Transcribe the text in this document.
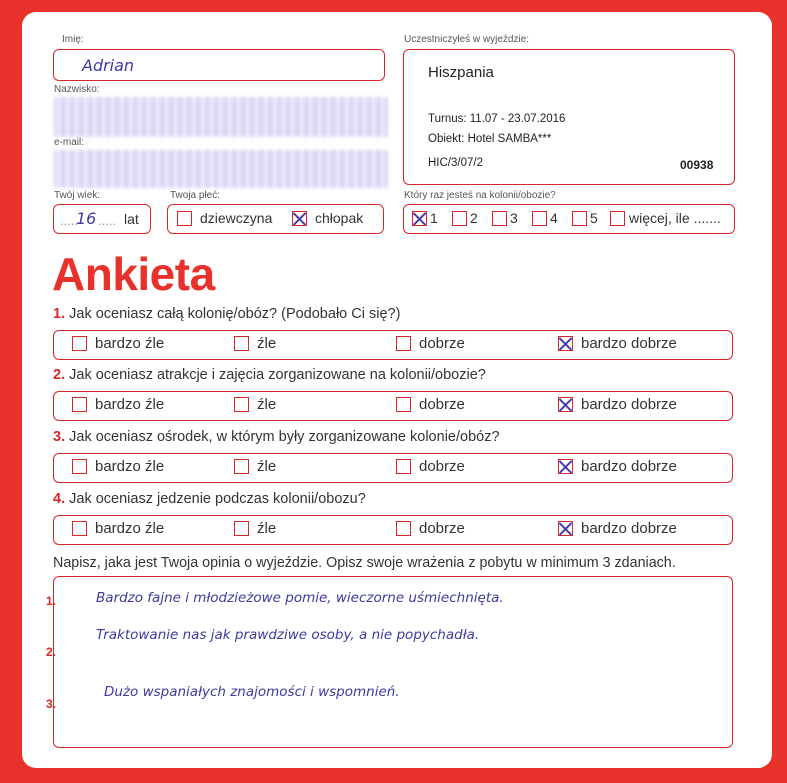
Imię:
Adrian
Nazwisko:
e-mail:
Twój wiek:
.....
16 ..... lat
Twoja płeć:
dziewczyna	chłopak
Uczestniczyłeś w wyjeździe:
Hiszpania
Turnus: 11.07 - 23.07.2016
Obiekt: Hotel SAMBA***
HIC/3/07/2	00938
Który raz jesteś na kolonii/obozie?
1 2 3 4 5 więcej, ile .......
Ankieta
1. Jak oceniasz całą kolonię/obóz? (Podobało Ci się?)
bardzo źle	źle	dobrze	bardzo dobrze
2. Jak oceniasz atrakcje i zajęcia zorganizowane na kolonii/obozie?
bardzo źle	źle	dobrze	bardzo dobrze
3. Jak oceniasz ośrodek, w którym były zorganizowane kolonie/obóz?
bardzo źle	źle	dobrze	bardzo dobrze
4. Jak oceniasz jedzenie podczas kolonii/obozu?
bardzo źle	źle	dobrze	bardzo dobrze
Napisz, jaka jest Twoja opinia o wyjeździe. Opisz swoje wrażenia z pobytu w minimum 3 zdaniach.
1.	Bardzo fajne i młodzieżowe pomie, wieczorne uśmiechnięta.
2.
Traktowanie nas jak prawdziwe osoby, a nie popychadła.
3.
Dużo wspaniałych znajomości i wspomnień.
